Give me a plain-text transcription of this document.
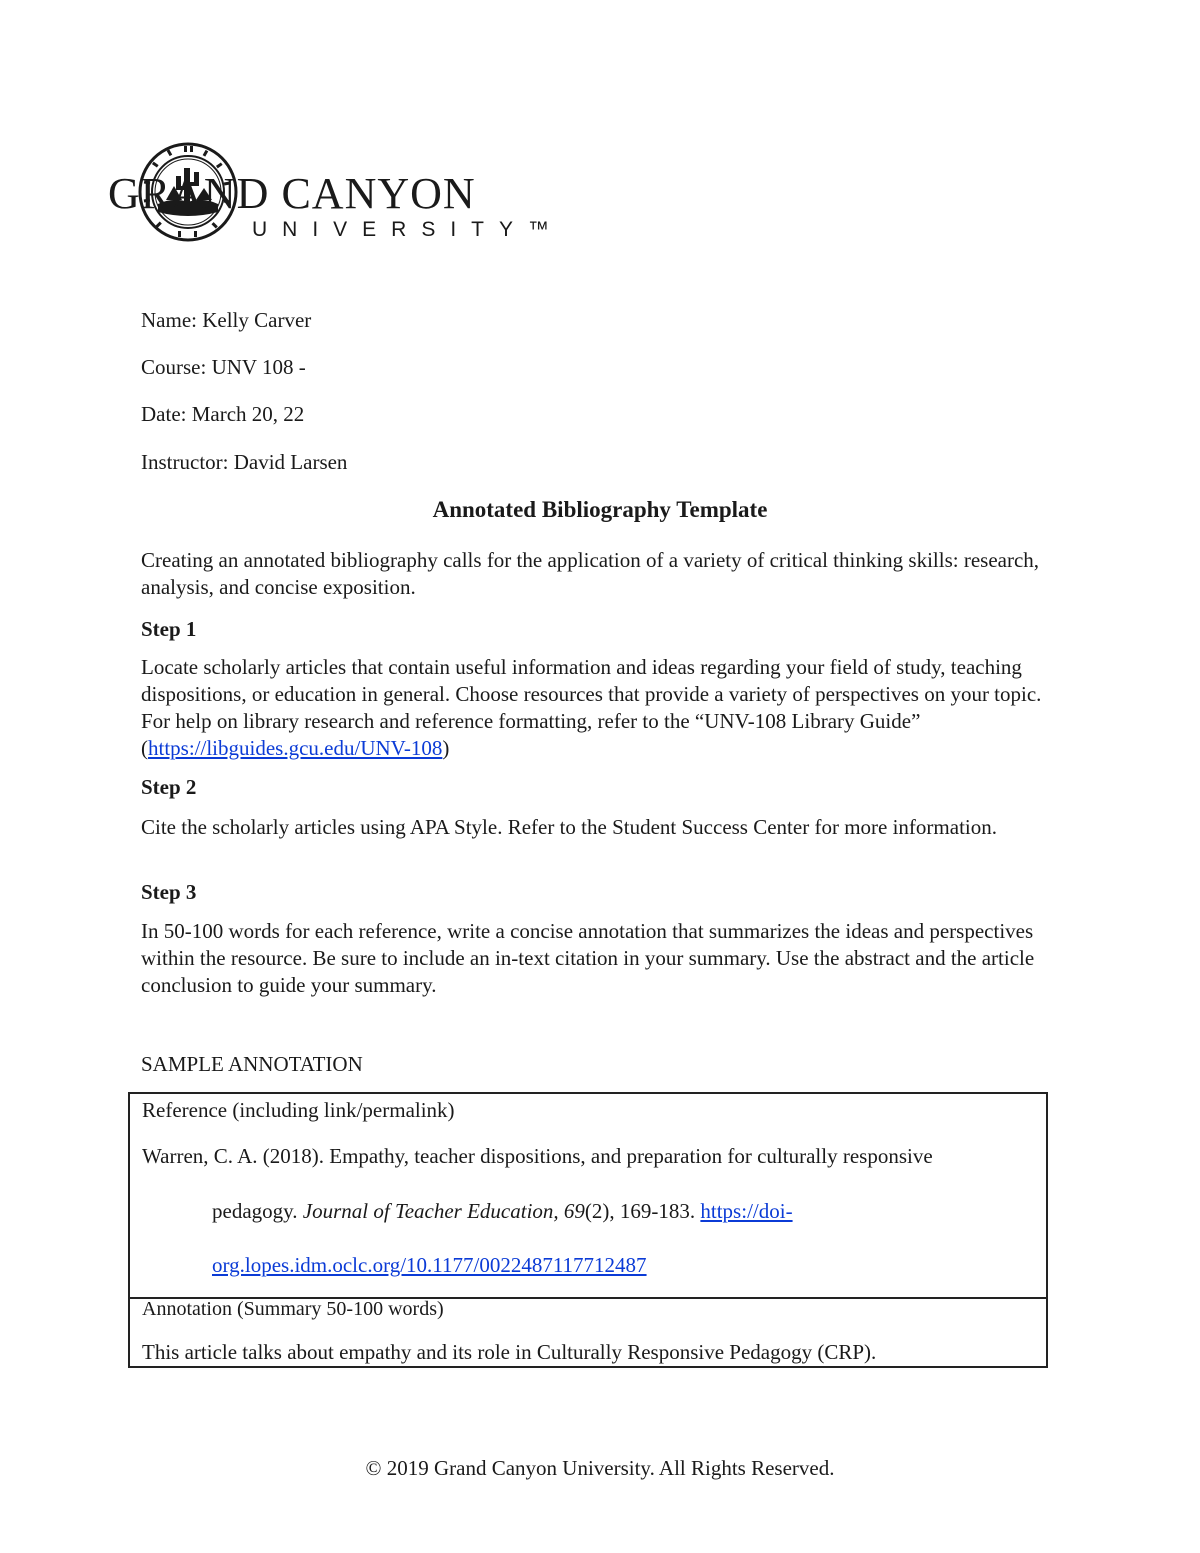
GRAND CANYON
UNIVERSITY™
Name: Kelly Carver
Course: UNV 108 -
Date: March 20, 22
Instructor: David Larsen
Annotated Bibliography Template
Creating an annotated bibliography calls for the application of a variety of critical thinking skills: research, analysis, and concise exposition.
Step 1
Locate scholarly articles that contain useful information and ideas regarding your field of study, teaching dispositions, or education in general. Choose resources that provide a variety of perspectives on your topic. For help on library research and reference formatting, refer to the “UNV-108 Library Guide” (https://libguides.gcu.edu/UNV-108)
Step 2
Cite the scholarly articles using APA Style. Refer to the Student Success Center for more information.
Step 3
In 50-100 words for each reference, write a concise annotation that summarizes the ideas and perspectives within the resource. Be sure to include an in-text citation in your summary. Use the abstract and the article conclusion to guide your summary.
SAMPLE ANNOTATION
Reference (including link/permalink)
Warren, C. A. (2018). Empathy, teacher dispositions, and preparation for culturally responsive
pedagogy. Journal of Teacher Education, 69(2), 169-183. https://doi-
org.lopes.idm.oclc.org/10.1177/0022487117712487
Annotation (Summary 50-100 words)
This article talks about empathy and its role in Culturally Responsive Pedagogy (CRP).
© 2019 Grand Canyon University. All Rights Reserved.
